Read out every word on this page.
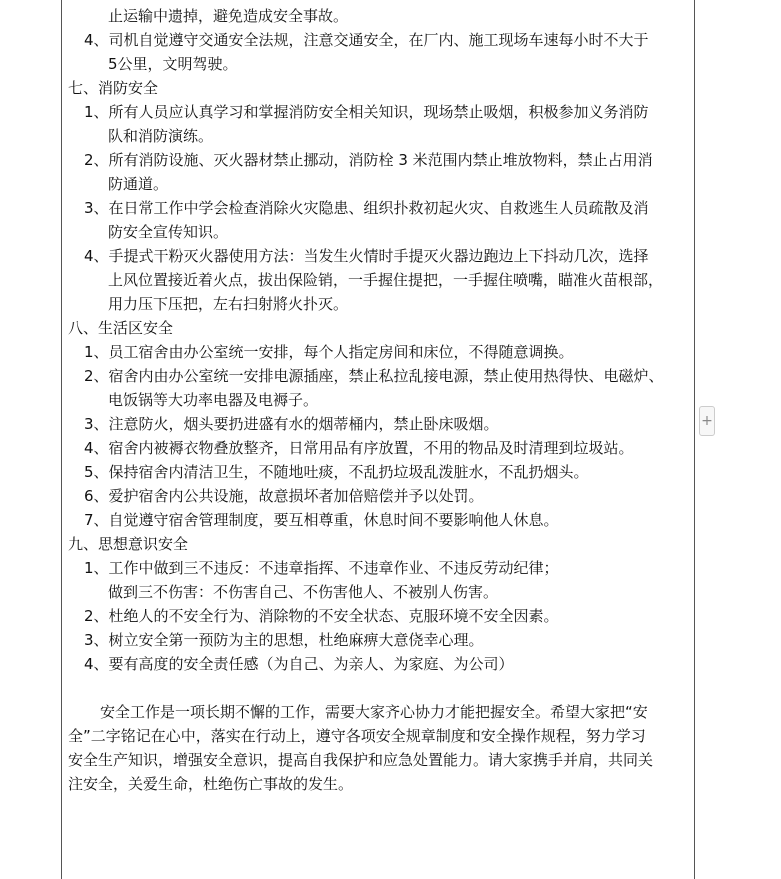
止运输中遗掉，避免造成安全事故。
4、司机自觉遵守交通安全法规，注意交通安全，在厂内、施工现场车速每小时不大于
5公里，文明驾驶。
七、消防安全
1、所有人员应认真学习和掌握消防安全相关知识，现场禁止吸烟，积极参加义务消防
队和消防演练。
2、所有消防设施、灭火器材禁止挪动，消防栓 3 米范围内禁止堆放物料，禁止占用消
防通道。
3、在日常工作中学会检查消除火灾隐患、组织扑救初起火灾、自救逃生人员疏散及消
防安全宣传知识。
4、手提式干粉灭火器使用方法：当发生火情时手提灭火器边跑边上下抖动几次，选择
上风位置接近着火点，拔出保险销，一手握住提把，一手握住喷嘴，瞄准火苗根部，
用力压下压把，左右扫射將火扑灭。
八、生活区安全
1、员工宿舍由办公室统一安排，每个人指定房间和床位，不得随意调换。
2、宿舍内由办公室统一安排电源插座，禁止私拉乱接电源，禁止使用热得快、电磁炉、
电饭锅等大功率电器及电褥子。
3、注意防火，烟头要扔进盛有水的烟蒂桶内，禁止卧床吸烟。
4、宿舍内被褥衣物叠放整齐，日常用品有序放置，不用的物品及时清理到垃圾站。
5、保持宿舍内清洁卫生，不随地吐痰，不乱扔垃圾乱泼脏水，不乱扔烟头。
6、爱护宿舍内公共设施，故意损坏者加倍赔偿并予以处罚。
7、自觉遵守宿舍管理制度，要互相尊重，休息时间不要影响他人休息。
九、思想意识安全
1、工作中做到三不违反：不违章指挥、不违章作业、不违反劳动纪律；
做到三不伤害：不伤害自己、不伤害他人、不被别人伤害。
2、杜绝人的不安全行为、消除物的不安全状态、克服环境不安全因素。
3、树立安全第一预防为主的思想，杜绝麻痹大意侥幸心理。
4、要有高度的安全责任感（为自己、为亲人、为家庭、为公司）
安全工作是一项长期不懈的工作，需要大家齐心协力才能把握安全。希望大家把“安
全”二字铭记在心中，落实在行动上，遵守各项安全规章制度和安全操作规程，努力学习
安全生产知识，增强安全意识，提高自我保护和应急处置能力。请大家携手并肩，共同关
注安全，关爱生命，杜绝伤亡事故的发生。
+
